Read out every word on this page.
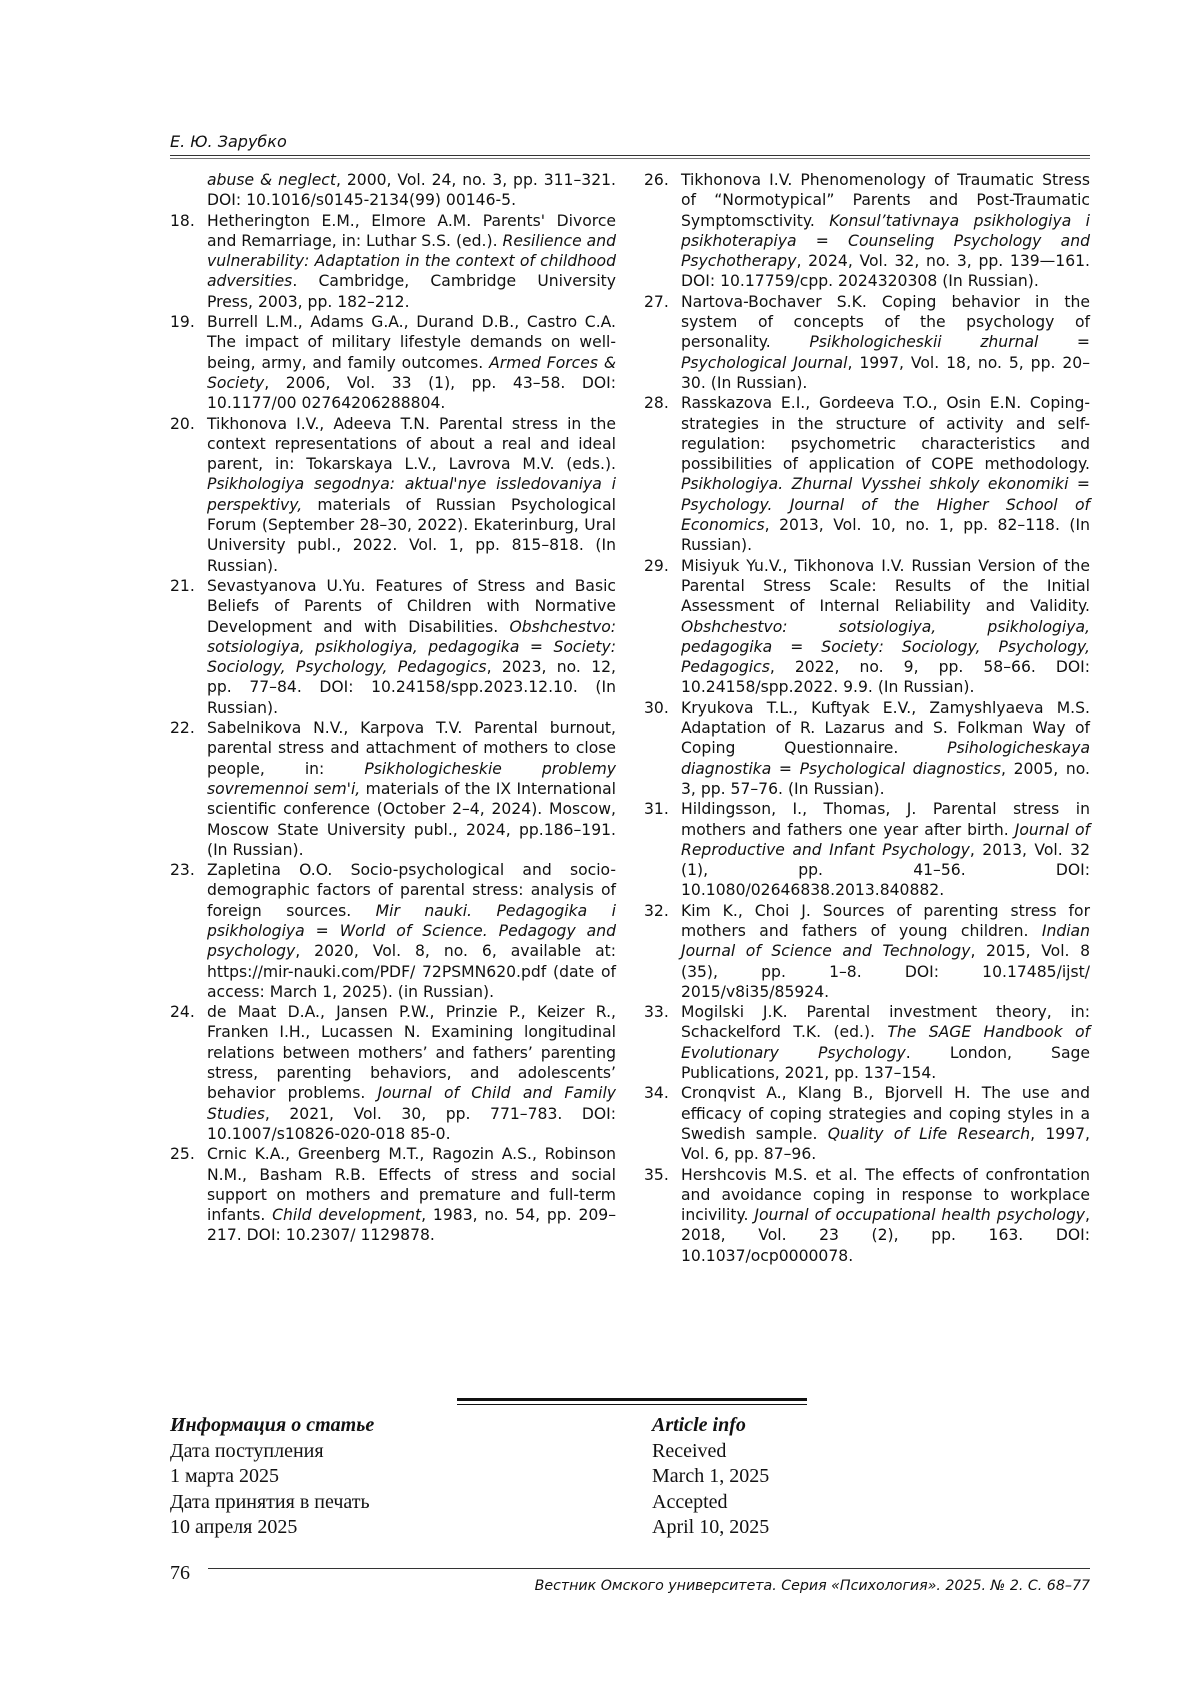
Е. Ю. Зарубко

abuse & neglect, 2000, Vol. 24, no. 3, pp. 311–321. DOI: 10.1016/s0145-2134(99) 00146-5.

18. Hetherington E.M., Elmore A.M. Parents' Divorce and Remarriage, in: Luthar S.S. (ed.). Resilience and vulnerability: Adaptation in the context of childhood adversities. Cambridge, Cambridge University Press, 2003, pp. 182–212.

19. Burrell L.M., Adams G.A., Durand D.B., Castro C.A. The impact of military lifestyle demands on well-being, army, and family outcomes. Armed Forces & Society, 2006, Vol. 33 (1), pp. 43–58. DOI: 10.1177/00 02764206288804.

20. Tikhonova I.V., Adeeva T.N. Parental stress in the context representations of about a real and ideal parent, in: Tokarskaya L.V., Lavrova M.V. (eds.). Psikhologiya segodnya: aktual'nye issledovaniya i perspektivy, materials of Russian Psychological Forum (September 28–30, 2022). Ekaterinburg, Ural University publ., 2022. Vol. 1, pp. 815–818. (In Russian).

21. Sevastyanova U.Yu. Features of Stress and Basic Beliefs of Parents of Children with Normative Development and with Disabilities. Obshchestvo: sotsiologiya, psikhologiya, pedagogika = Society: Sociology, Psychology, Pedagogics, 2023, no. 12, pp. 77–84. DOI: 10.24158/spp.2023.12.10. (In Russian).

22. Sabelnikova N.V., Karpova T.V. Parental burnout, parental stress and attachment of mothers to close people, in: Psikhologicheskie problemy sovremennoi sem'i, materials of the IX International scientific conference (October 2–4, 2024). Moscow, Moscow State University publ., 2024, pp.186–191. (In Russian).

23. Zapletina O.O. Socio-psychological and socio-demographic factors of parental stress: analysis of foreign sources. Mir nauki. Pedagogika i psikhologiya = World of Science. Pedagogy and psychology, 2020, Vol. 8, no. 6, available at: https://mir-nauki.com/PDF/ 72PSMN620.pdf (date of access: March 1, 2025). (in Russian).

24. de Maat D.A., Jansen P.W., Prinzie P., Keizer R., Franken I.H., Lucassen N. Examining longitudinal relations between mothers’ and fathers’ parenting stress, parenting behaviors, and adolescents’ behavior problems. Journal of Child and Family Studies, 2021, Vol. 30, pp. 771–783. DOI: 10.1007/s10826-020-018 85-0.

25. Crnic K.A., Greenberg M.T., Ragozin A.S., Robinson N.M., Basham R.B. Effects of stress and social support on mothers and premature and full-term infants. Child development, 1983, no. 54, pp. 209–217. DOI: 10.2307/ 1129878.

26. Tikhonova I.V. Phenomenology of Traumatic Stress of “Normotypical” Parents and Post-Traumatic Symptomsctivity. Konsul’tativnaya psikhologiya i psikhoterapiya = Counseling Psychology and Psychotherapy, 2024, Vol. 32, no. 3, pp. 139—161. DOI: 10.17759/cpp. 2024320308 (In Russian).

27. Nartova-Bochaver S.K. Coping behavior in the system of concepts of the psychology of personality. Psikhologicheskii zhurnal = Psychological Journal, 1997, Vol. 18, no. 5, pp. 20–30. (In Russian).

28. Rasskazova E.I., Gordeeva T.O., Osin E.N. Coping-strategies in the structure of activity and self-regulation: psychometric characteristics and possibilities of application of COPE methodology. Psikhologiya. Zhurnal Vysshei shkoly ekonomiki = Psychology. Journal of the Higher School of Economics, 2013, Vol. 10, no. 1, pp. 82–118. (In Russian).

29. Misiyuk Yu.V., Tikhonova I.V. Russian Version of the Parental Stress Scale: Results of the Initial Assessment of Internal Reliability and Validity. Obshchestvo: sotsiologiya, psikhologiya, pedagogika = Society: Sociology, Psychology, Pedagogics, 2022, no. 9, pp. 58–66. DOI: 10.24158/spp.2022. 9.9. (In Russian).

30. Kryukova T.L., Kuftyak E.V., Zamyshlyaeva M.S. Adaptation of R. Lazarus and S. Folkman Way of Coping Questionnaire. Psihologicheskaya diagnostika = Psychological diagnostics, 2005, no. 3, pp. 57–76. (In Russian).

31. Hildingsson, I., Thomas, J. Parental stress in mothers and fathers one year after birth. Journal of Reproductive and Infant Psychology, 2013, Vol. 32 (1), pp. 41–56. DOI: 10.1080/02646838.2013.840882.

32. Kim K., Choi J. Sources of parenting stress for mothers and fathers of young children. Indian Journal of Science and Technology, 2015, Vol. 8 (35), pp. 1–8. DOI: 10.17485/ijst/ 2015/v8i35/85924.

33. Mogilski J.K. Parental investment theory, in: Schackelford T.K. (ed.). The SAGE Handbook of Evolutionary Psychology. London, Sage Publications, 2021, pp. 137–154.

34. Cronqvist A., Klang B., Bjorvell H. The use and efficacy of coping strategies and coping styles in a Swedish sample. Quality of Life Research, 1997, Vol. 6, pp. 87–96.

35. Hershcovis M.S. et al. The effects of confrontation and avoidance coping in response to workplace incivility. Journal of occupational health psychology, 2018, Vol. 23 (2), pp. 163. DOI: 10.1037/ocp0000078.

Информация о статье
Дата поступления
1 марта 2025
Дата принятия в печать
10 апреля 2025
Article info
Received
March 1, 2025
Accepted
April 10, 2025
76
Вестник Омского университета. Серия «Психология». 2025. № 2. С. 68–77
